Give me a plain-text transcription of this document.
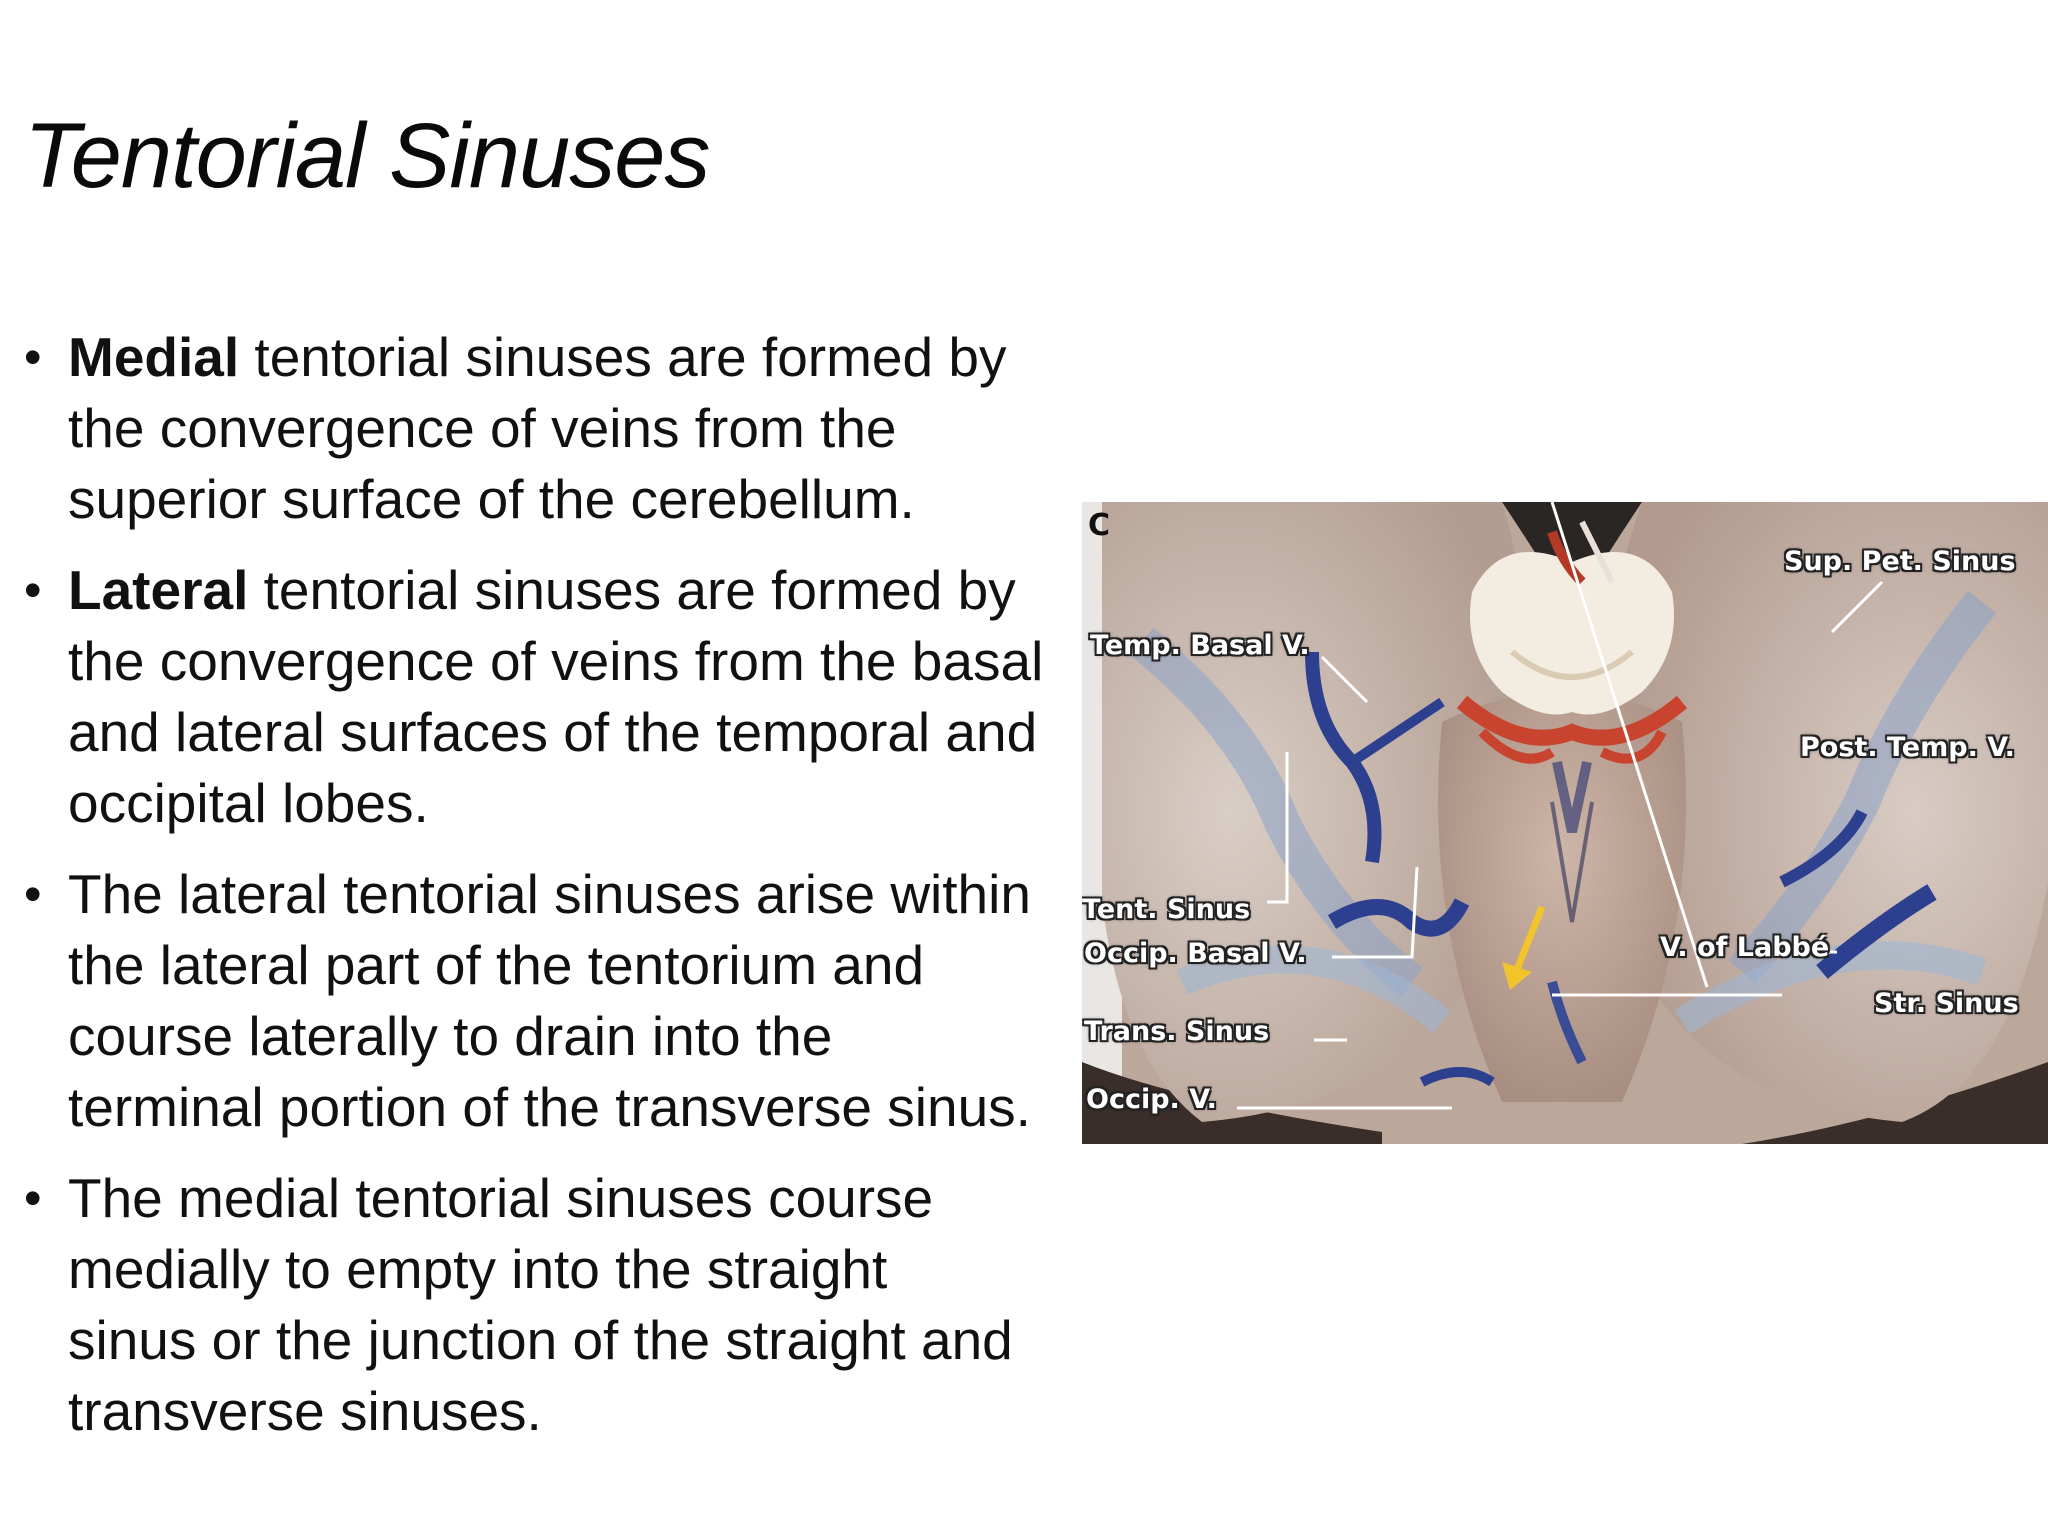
Tentorial Sinuses
• Medial tentorial sinuses are formed by
the convergence of veins from the
superior surface of the cerebellum.
• Lateral tentorial sinuses are formed by
the convergence of veins from the basal
and lateral surfaces of the temporal and
occipital lobes.
• The lateral tentorial sinuses arise within
the lateral part of the tentorium and
course laterally to drain into the
terminal portion of the transverse sinus.
• The medial tentorial sinuses course
medially to empty into the straight
sinus or the junction of the straight and
transverse sinuses.
C
Sup. Pet. Sinus
Temp. Basal V.
Post. Temp. V.
Tent. Sinus
Occip. Basal V.	V. of Labbé
Str. Sinus
Trans. Sinus
Occip. V.
